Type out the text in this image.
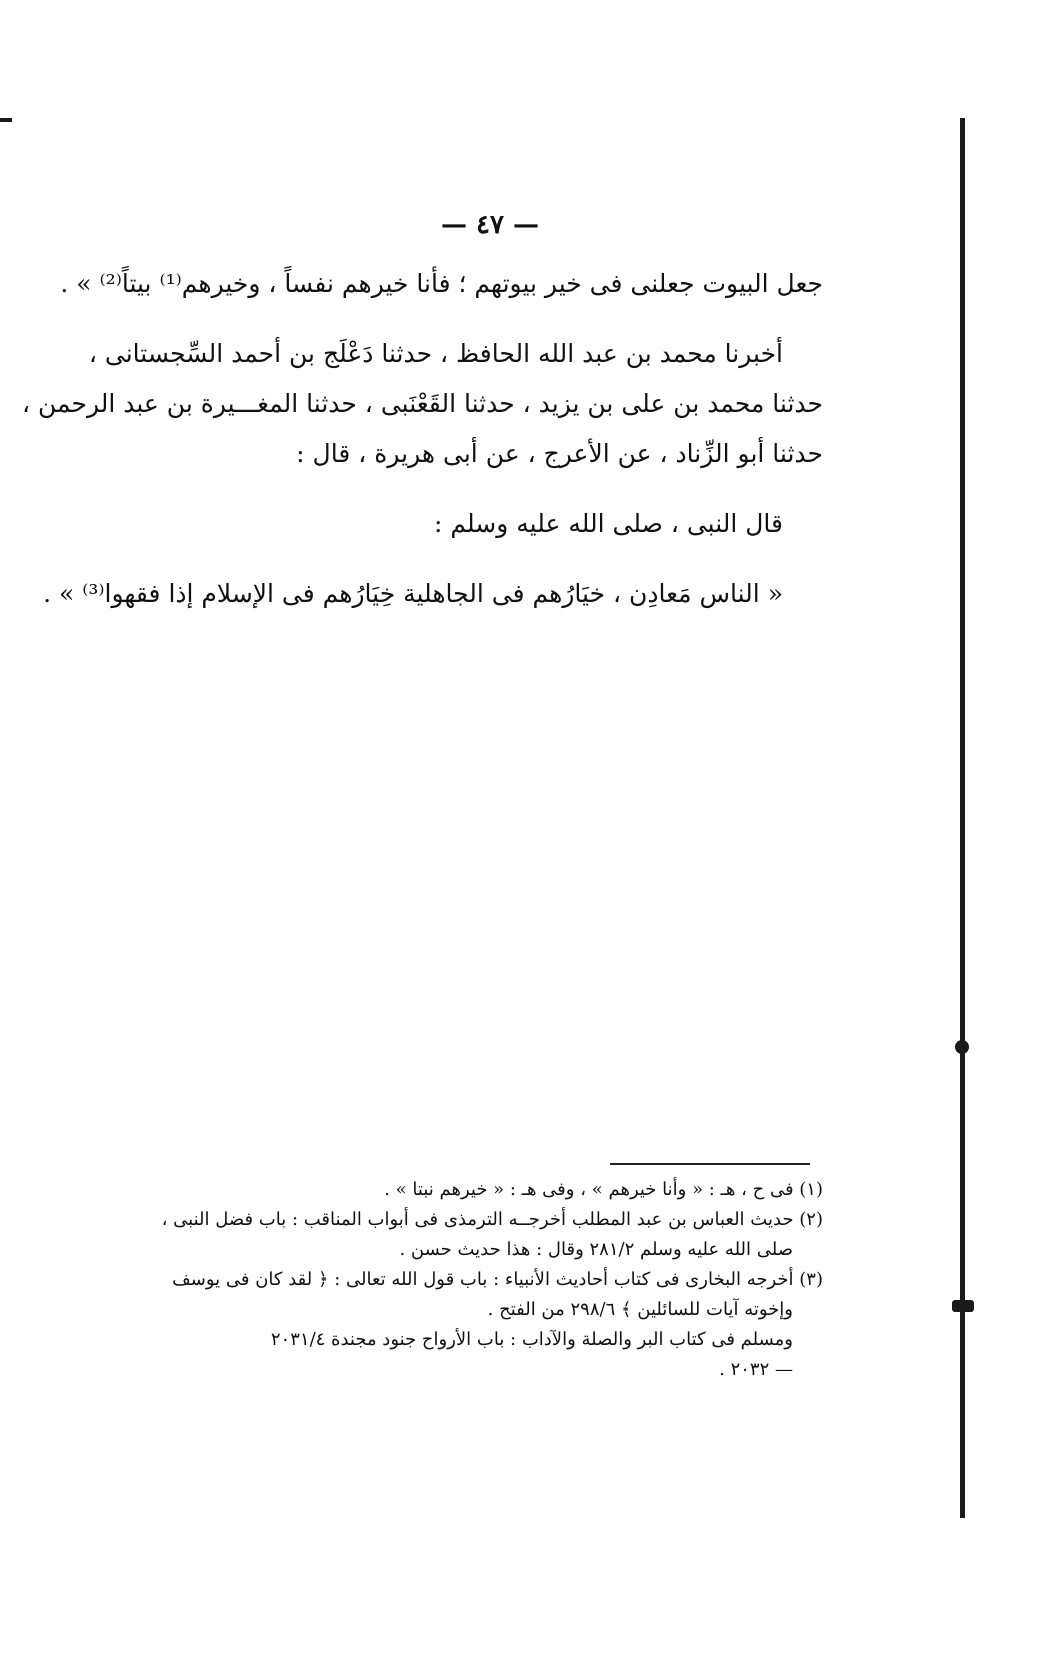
— ٤٧ —
جعل البيوت جعلنى فى خير بيوتهم ؛ فأنا خيرهم نفساً ، وخيرهم⁽¹⁾ بيتاً⁽²⁾ » .
أخبرنا محمد بن عبد الله الحافظ ، حدثنا دَعْلَج بن أحمد السِّجستانى ،
حدثنا محمد بن على بن يزيد ، حدثنا القَعْنَبى ، حدثنا المغـــيرة بن عبد الرحمن ،
حدثنا أبو الزِّناد ، عن الأعرج ، عن أبى هريرة ، قال :
قال النبى ، صلى الله عليه وسلم :
« الناس مَعادِن ، خيَارُهم فى الجاهلية خِيَارُهم فى الإسلام إذا فقهوا⁽³⁾ » .
(١) فى ح ، هـ : « وأنا خيرهم » ، وفى هـ : « خيرهم نبتا » .
(٢) حديث العباس بن عبد المطلب أخرجــه الترمذى فى أبواب المناقب : باب فضل النبى ،
صلى الله عليه وسلم ٢٨١/٢ وقال : هذا حديث حسن .
(٣) أخرجه البخارى فى كتاب أحاديث الأنبياء : باب قول الله تعالى : ﴿ لقد كان فى يوسف
وإخوته آيات للسائلين ﴾ ٢٩٨/٦ من الفتح .
ومسلم فى كتاب البر والصلة والآداب : باب الأرواح جنود مجندة ٢٠٣١/٤
— ٢٠٣٢ .
